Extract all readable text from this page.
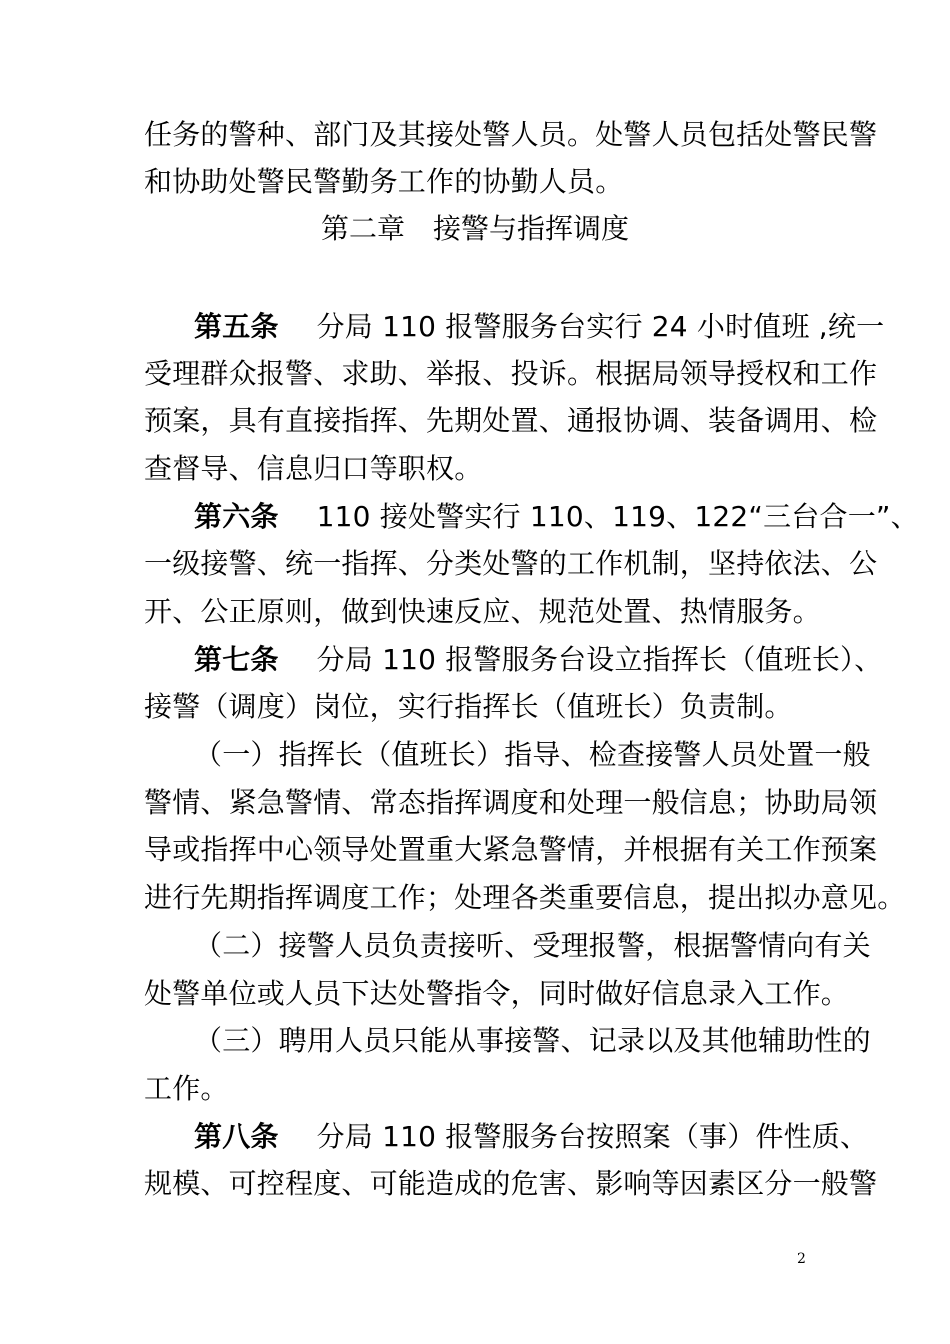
任务的警种、部门及其接处警人员。处警人员包括处警民警
和协助处警民警勤务工作的协勤人员。
第二章 接警与指挥调度
第五条 分局 110 报警服务台实行 24 小时值班 ,统一
受理群众报警、求助、举报、投诉。根据局领导授权和工作
预案，具有直接指挥、先期处置、通报协调、装备调用、检
查督导、信息归口等职权。
第六条 110 接处警实行 110、119、122“三台合一”、
一级接警、统一指挥、分类处警的工作机制，坚持依法、公
开、公正原则，做到快速反应、规范处置、热情服务。
第七条 分局 110 报警服务台设立指挥长（值班长）、
接警（调度）岗位，实行指挥长（值班长）负责制。
（一）指挥长（值班长）指导、检查接警人员处置一般
警情、紧急警情、常态指挥调度和处理一般信息；协助局领
导或指挥中心领导处置重大紧急警情，并根据有关工作预案
进行先期指挥调度工作；处理各类重要信息，提出拟办意见。
（二）接警人员负责接听、受理报警，根据警情向有关
处警单位或人员下达处警指令，同时做好信息录入工作。
（三）聘用人员只能从事接警、记录以及其他辅助性的
工作。
第八条 分局 110 报警服务台按照案（事）件性质、
规模、可控程度、可能造成的危害、影响等因素区分一般警
2
